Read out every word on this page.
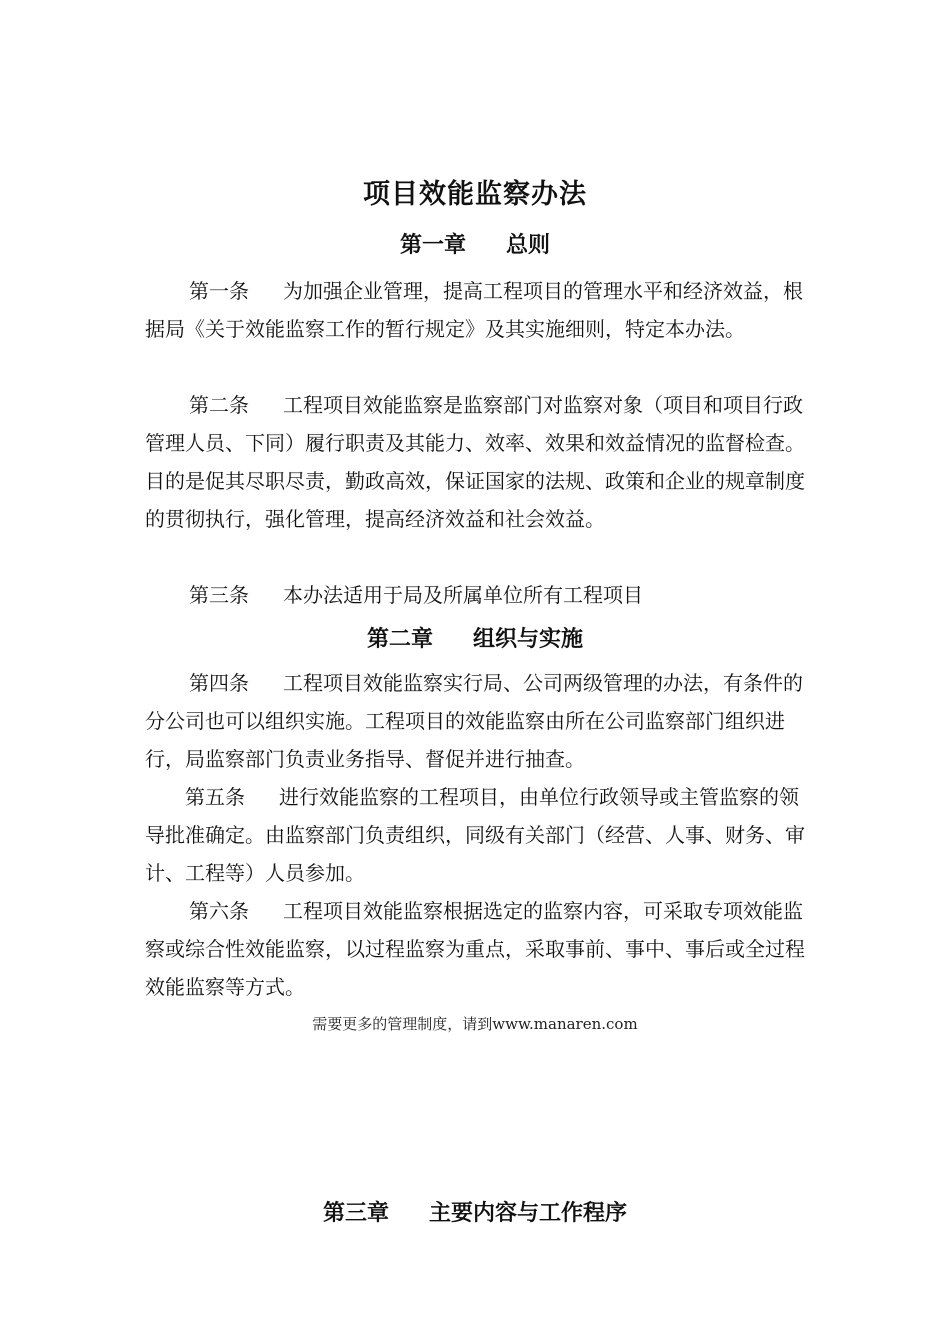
项目效能监察办法
第一章 总则

第一条 为加强企业管理，提高工程项目的管理水平和经济效益，根据局《关于效能监察工作的暂行规定》及其实施细则，特定本办法。

第二条 工程项目效能监察是监察部门对监察对象（项目和项目行政管理人员、下同）履行职责及其能力、效率、效果和效益情况的监督检查。目的是促其尽职尽责，勤政高效，保证国家的法规、政策和企业的规章制度的贯彻执行，强化管理，提高经济效益和社会效益。

第三条 本办法适用于局及所属单位所有工程项目

第二章 组织与实施

第四条 工程项目效能监察实行局、公司两级管理的办法，有条件的分公司也可以组织实施。工程项目的效能监察由所在公司监察部门组织进行，局监察部门负责业务指导、督促并进行抽查。

第五条 进行效能监察的工程项目，由单位行政领导或主管监察的领导批准确定。由监察部门负责组织，同级有关部门（经营、人事、财务、审计、工程等）人员参加。

第六条 工程项目效能监察根据选定的监察内容，可采取专项效能监察或综合性效能监察，以过程监察为重点，采取事前、事中、事后或全过程效能监察等方式。

需要更多的管理制度，请到www.manaren.com
第三章 主要内容与工作程序
